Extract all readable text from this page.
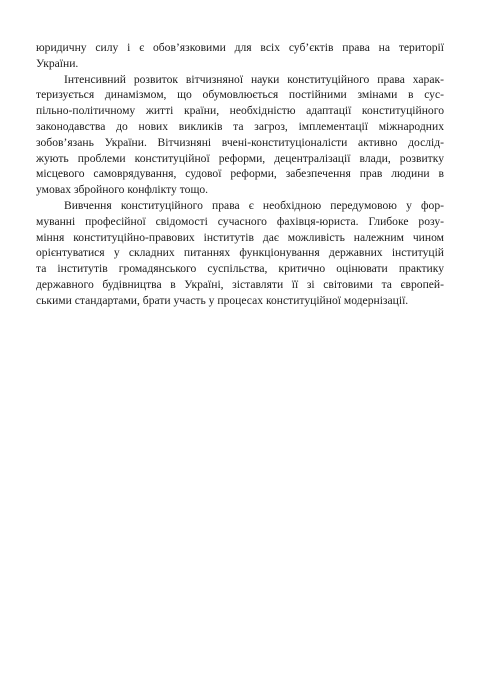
юридичну силу і є обов’язковими для всіх суб’єктів права на території
України.
Інтенсивний розвиток вітчизняної науки конституційного права харак-
теризується динамізмом, що обумовлюється постійними змінами в сус-
пільно-політичному житті країни, необхідністю адаптації конституційного
законодавства до нових викликів та загроз, імплементації міжнародних
зобов’язань України. Вітчизняні вчені-конституціоналісти активно дослід-
жують проблеми конституційної реформи, децентралізації влади, розвитку
місцевого самоврядування, судової реформи, забезпечення прав людини в
умовах збройного конфлікту тощо.
Вивчення конституційного права є необхідною передумовою у фор-
муванні професійної свідомості сучасного фахівця-юриста. Глибоке розу-
міння конституційно-правових інститутів дає можливість належним чином
орієнтуватися у складних питаннях функціонування державних інституцій
та інститутів громадянського суспільства, критично оцінювати практику
державного будівництва в Україні, зіставляти її зі світовими та європей-
ськими стандартами, брати участь у процесах конституційної модернізації.
